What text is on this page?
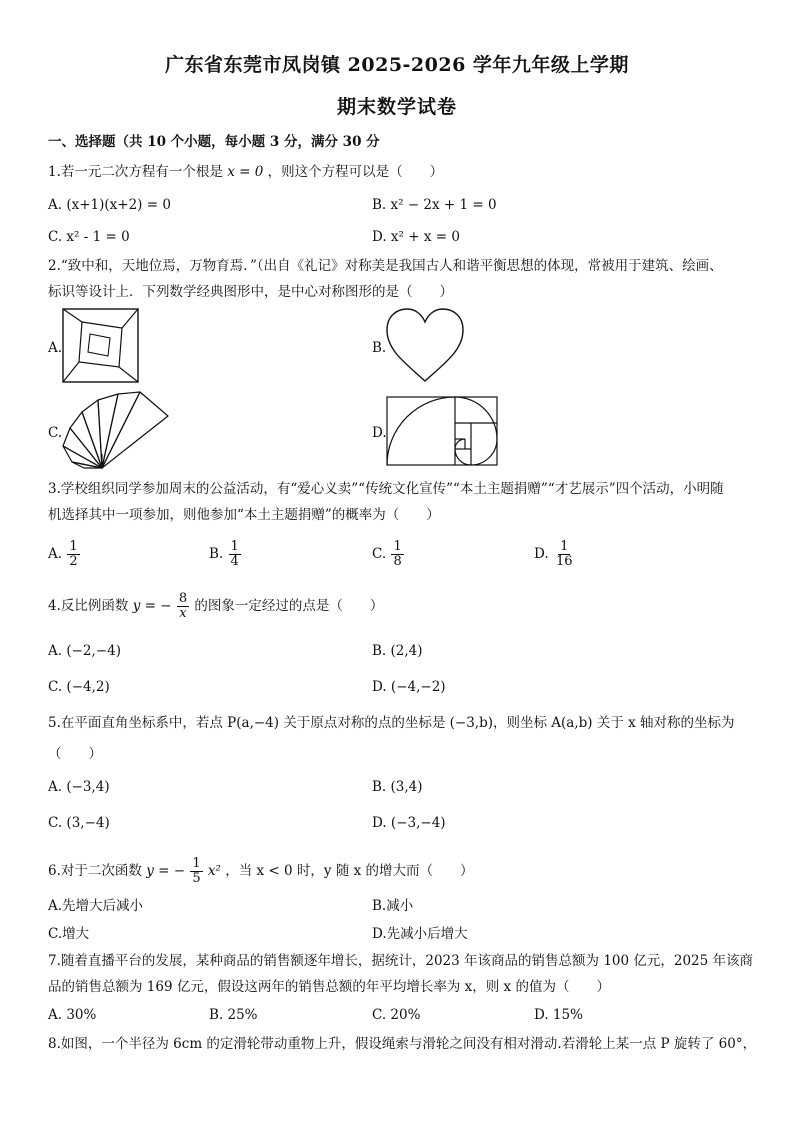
广东省东莞市凤岗镇 2025-2026 学年九年级上学期
期末数学试卷
一、选择题（共 10 个小题，每小题 3 分，满分 30 分
1.若一元二次方程有一个根是 x = 0 ，则这个方程可以是（　　）
A. (x+1)(x+2) = 0	B. x² − 2x + 1 = 0
C. x² - 1 = 0	D. x² + x = 0
2.“致中和，天地位焉，万物育焉．”（出自《礼记》对称美是我国古人和谐平衡思想的体现，常被用于建筑、绘画、
标识等设计上．下列数学经典图形中，是中心对称图形的是（　　）
A.	B.
C.	D.
3.学校组织同学参加周末的公益活动，有“爱心义卖”“传统文化宣传”“本土主题捐赠”“才艺展示”四个活动，小明随
机选择其中一项参加，则他参加“本土主题捐赠”的概率为（　　）
A. $\frac{1}{2}$	B. $\frac{1}{4}$	C. $\frac{1}{8}$	D. $\frac{1}{16}$
4.反比例函数 y = − $\frac{8}{x}$ 的图象一定经过的点是（　　）
A. (−2,−4)	B. (2,4)
C. (−4,2)	D. (−4,−2)
5.在平面直角坐标系中，若点 P(a,−4) 关于原点对称的点的坐标是 (−3,b)，则坐标 A(a,b) 关于 x 轴对称的坐标为
（　　）
A. (−3,4)	B. (3,4)
C. (3,−4)	D. (−3,−4)
6.对于二次函数 y = − $\frac{1}{5} x^2$ ，当 x < 0 时，y 随 x 的增大而（　　）
A.先增大后减小	B.减小
C.增大	D.先减小后增大
7.随着直播平台的发展，某种商品的销售额逐年增长，据统计，2023 年该商品的销售总额为 100 亿元，2025 年该商
品的销售总额为 169 亿元，假设这两年的销售总额的年平均增长率为 x，则 x 的值为（　　）
A. 30%	B. 25%	C. 20%	D. 15%
8.如图，一个半径为 6cm 的定滑轮带动重物上升，假设绳索与滑轮之间没有相对滑动.若滑轮上某一点 P 旋转了 60°，
